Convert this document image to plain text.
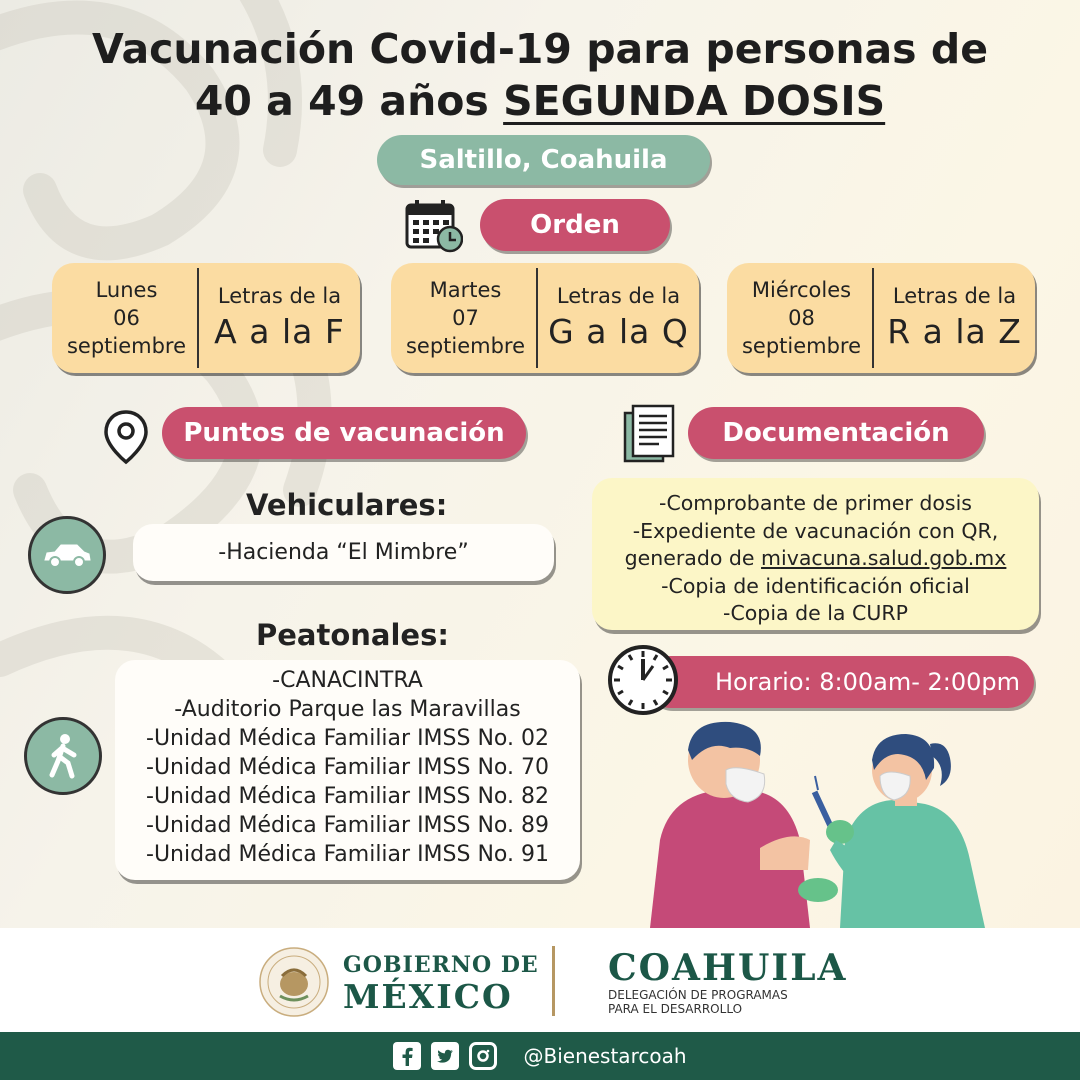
Vacunación Covid-19 para personas de
40 a 49 años SEGUNDA DOSIS
Saltillo, Coahuila
Orden
Lunes
06
septiembre
Letras de la
A a la F
Martes
07
septiembre
Letras de la
G a la Q
Miércoles
08
septiembre
Letras de la
R a la Z
Puntos de vacunación	Documentación
Vehiculares:
-Hacienda “El Mimbre”
Peatonales:
-CANACINTRA
-Auditorio Parque las Maravillas
-Unidad Médica Familiar IMSS No. 02
-Unidad Médica Familiar IMSS No. 70
-Unidad Médica Familiar IMSS No. 82
-Unidad Médica Familiar IMSS No. 89
-Unidad Médica Familiar IMSS No. 91
-Comprobante de primer dosis
-Expediente de vacunación con QR,
generado de mivacuna.salud.gob.mx
-Copia de identificación oficial
-Copia de la CURP
Horario: 8:00am- 2:00pm
GOBIERNO DE
MÉXICO
COAHUILA
DELEGACIÓN DE PROGRAMAS
PARA EL DESARROLLO
@Bienestarcoah
